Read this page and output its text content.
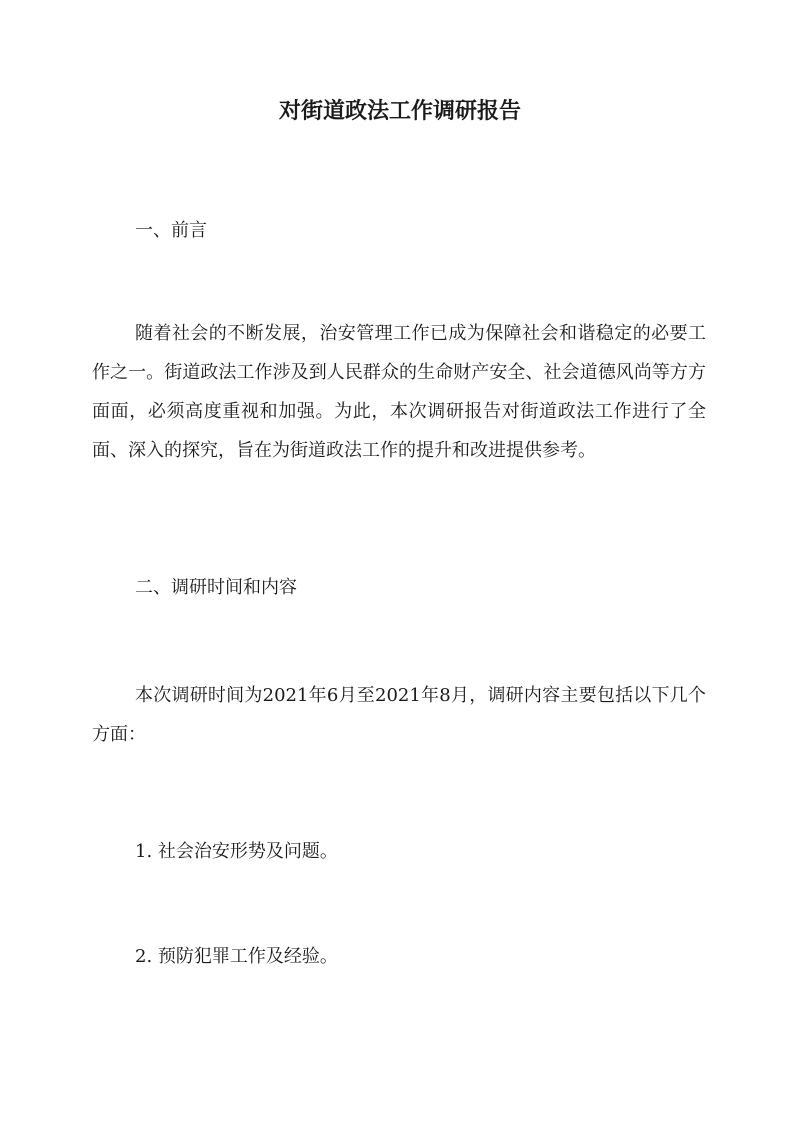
对街道政法工作调研报告
一、前言
随着社会的不断发展，治安管理工作已成为保障社会和谐稳定的必要工作之一。街道政法工作涉及到人民群众的生命财产安全、社会道德风尚等方方面面，必须高度重视和加强。为此，本次调研报告对街道政法工作进行了全面、深入的探究，旨在为街道政法工作的提升和改进提供参考。
二、调研时间和内容
本次调研时间为2021年6月至2021年8月，调研内容主要包括以下几个方面：
1. 社会治安形势及问题。
2. 预防犯罪工作及经验。
